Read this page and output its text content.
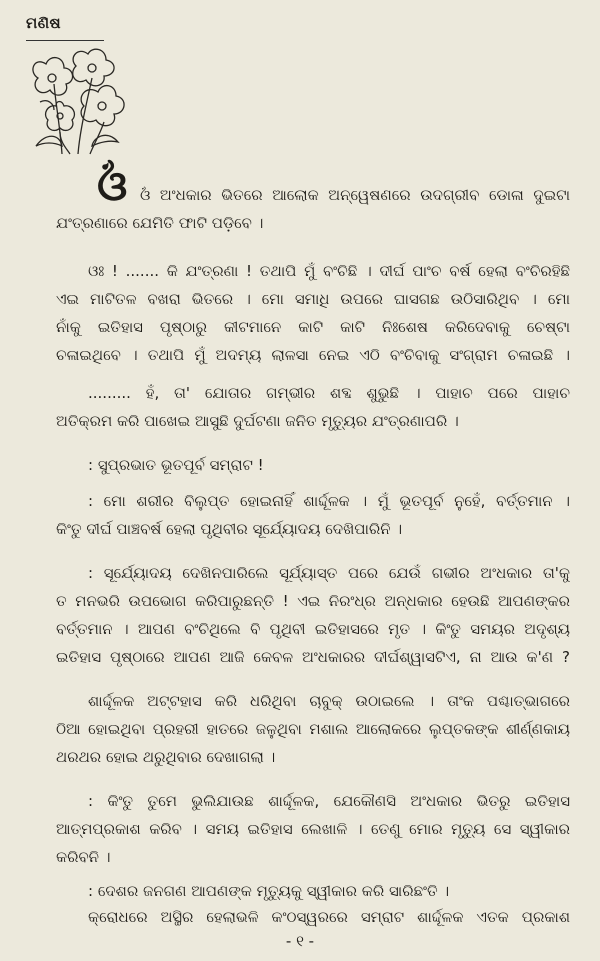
ମଣିଷ
ଓଁ ଓଁ ଅଂଧକାର ଭିତରେ ଆଲୋକ ଅନ୍ୱେଷଣରେ ଉଦଗ୍ରୀବ ଡୋଳା ଦୁଇଟା
ଯଂତ୍ରଣାରେ ଯେମିତି ଫାଟି ପଡ଼ିବେ ।
ଓଃ ! ....... କି ଯଂତ୍ରଣା ! ତଥାପି ମୁଁ ବଂଚିଛି । ଦୀର୍ଘ ପାଂଚ ବର୍ଷ ହେଲା ବଂଚିରହିଛି
ଏଇ ମାଟିତଳ ବଖରା ଭିତରେ । ମୋ ସମାଧି ଉପରେ ଘାସଗଛ ଉଠିସାରିଥିବ । ମୋ
ନାଁକୁ ଇତିହାସ ପୃଷ୍ଠାରୁ କୀଟମାନେ କାଟି କାଟି ନିଃଶେଷ କରିଦେବାକୁ ଚେଷ୍ଟା
ଚଳାଇଥିବେ । ତଥାପି ମୁଁ ଅଦମ୍ୟ ଲାଳସା ନେଇ ଏଠି ବଂଚିବାକୁ ସଂଗ୍ରାମ ଚଳାଇଛି ।
......... ହଁ, ତା' ଯୋତାର ଗମ୍ଭୀର ଶବ୍ଦ ଶୁଭୁଛି । ପାହାଚ ପରେ ପାହାଚ
ଅତିକ୍ରମ କରି ପାଖେଇ ଆସୁଛି ଦୁର୍ଘଟଣା ଜନିତ ମୃତ୍ୟୁର ଯଂତ୍ରଣାପରି ।
: ସୁପ୍ରଭାତ ଭୂତପୂର୍ବ ସମ୍ରାଟ !
: ମୋ ଶରୀର ବିଲୁପ୍ତ ହୋଇନାହିଁ ଶାର୍ଦ୍ଦୂଳକ । ମୁଁ ଭୂତପୂର୍ବ ନୁହେଁ, ବର୍ତ୍ତମାନ ।
କିଂତୁ ଦୀର୍ଘ ପାଞ୍ଚବର୍ଷ ହେଲା ପୃଥିବୀର ସୂର୍ଯ୍ୟୋଦୟ ଦେଖିପାରିନି ।
: ସୂର୍ଯ୍ୟୋଦୟ ଦେଖିନପାରିଲେ ସୂର୍ଯ୍ୟାସ୍ତ ପରେ ଯେଉଁ ଗଭୀର ଅଂଧକାର ତା'କୁ
ତ ମନଭରି ଉପଭୋଗ କରିପାରୁଛନ୍ତି ! ଏଇ ନିରଂଧ୍ର ଅନ୍ଧକାର ହେଉଛି ଆପଣଙ୍କର
ବର୍ତ୍ତମାନ । ଆପଣ ବଂଚିଥିଲେ ବି ପୃଥିବୀ ଇତିହାସରେ ମୃତ । କିଂତୁ ସମୟର ଅଦୃଶ୍ୟ
ଇତିହାସ ପୃଷ୍ଠାରେ ଆପଣ ଆଜି କେବଳ ଅଂଧକାରର ଦୀର୍ଘଶ୍ୱାସଟିଏ, ନା ଆଉ କ'ଣ ?
ଶାର୍ଦ୍ଦୂଳକ ଅଟ୍ଟହାସ କରି ଧରିଥିବା ଚାବୁକ୍ ଉଠାଇଲେ । ତାଂକ ପଶ୍ଚାତ୍‌ଭାଗରେ
ଠିଆ ହୋଇଥିବା ପ୍ରହରୀ ହାତରେ ଜଳୁଥିବା ମଶାଲ ଆଲୋକରେ ଲୁପ୍ତକଙ୍କ ଶୀର୍ଣ୍ଣକାୟ
ଥରଥର ହୋଇ ଥରୁଥିବାର ଦେଖାଗଲା ।
: କିଂତୁ ତୁମେ ଭୁଲିଯାଉଛ ଶାର୍ଦ୍ଦୂଳକ, ଯେକୌଣସି ଅଂଧକାର ଭିତରୁ ଇତିହାସ
ଆତ୍ମପ୍ରକାଶ କରିବ । ସମୟ ଇତିହାସ ଲେଖାଳି । ତେଣୁ ମୋର ମୃତ୍ୟୁ ସେ ସ୍ୱୀକାର
କରିବନି ।
: ଦେଶର ଜନଗଣ ଆପଣଙ୍କ ମୃତ୍ୟୁକୁ ସ୍ୱୀକାର କରି ସାରିଛଂତି ।
କ୍ରୋଧରେ ଅସ୍ଥିର ହେଲାଭଳି କଂଠସ୍ୱରରେ ସମ୍ରାଟ ଶାର୍ଦ୍ଦୂଳକ ଏତକ ପ୍ରକାଶ
- ୧ -
